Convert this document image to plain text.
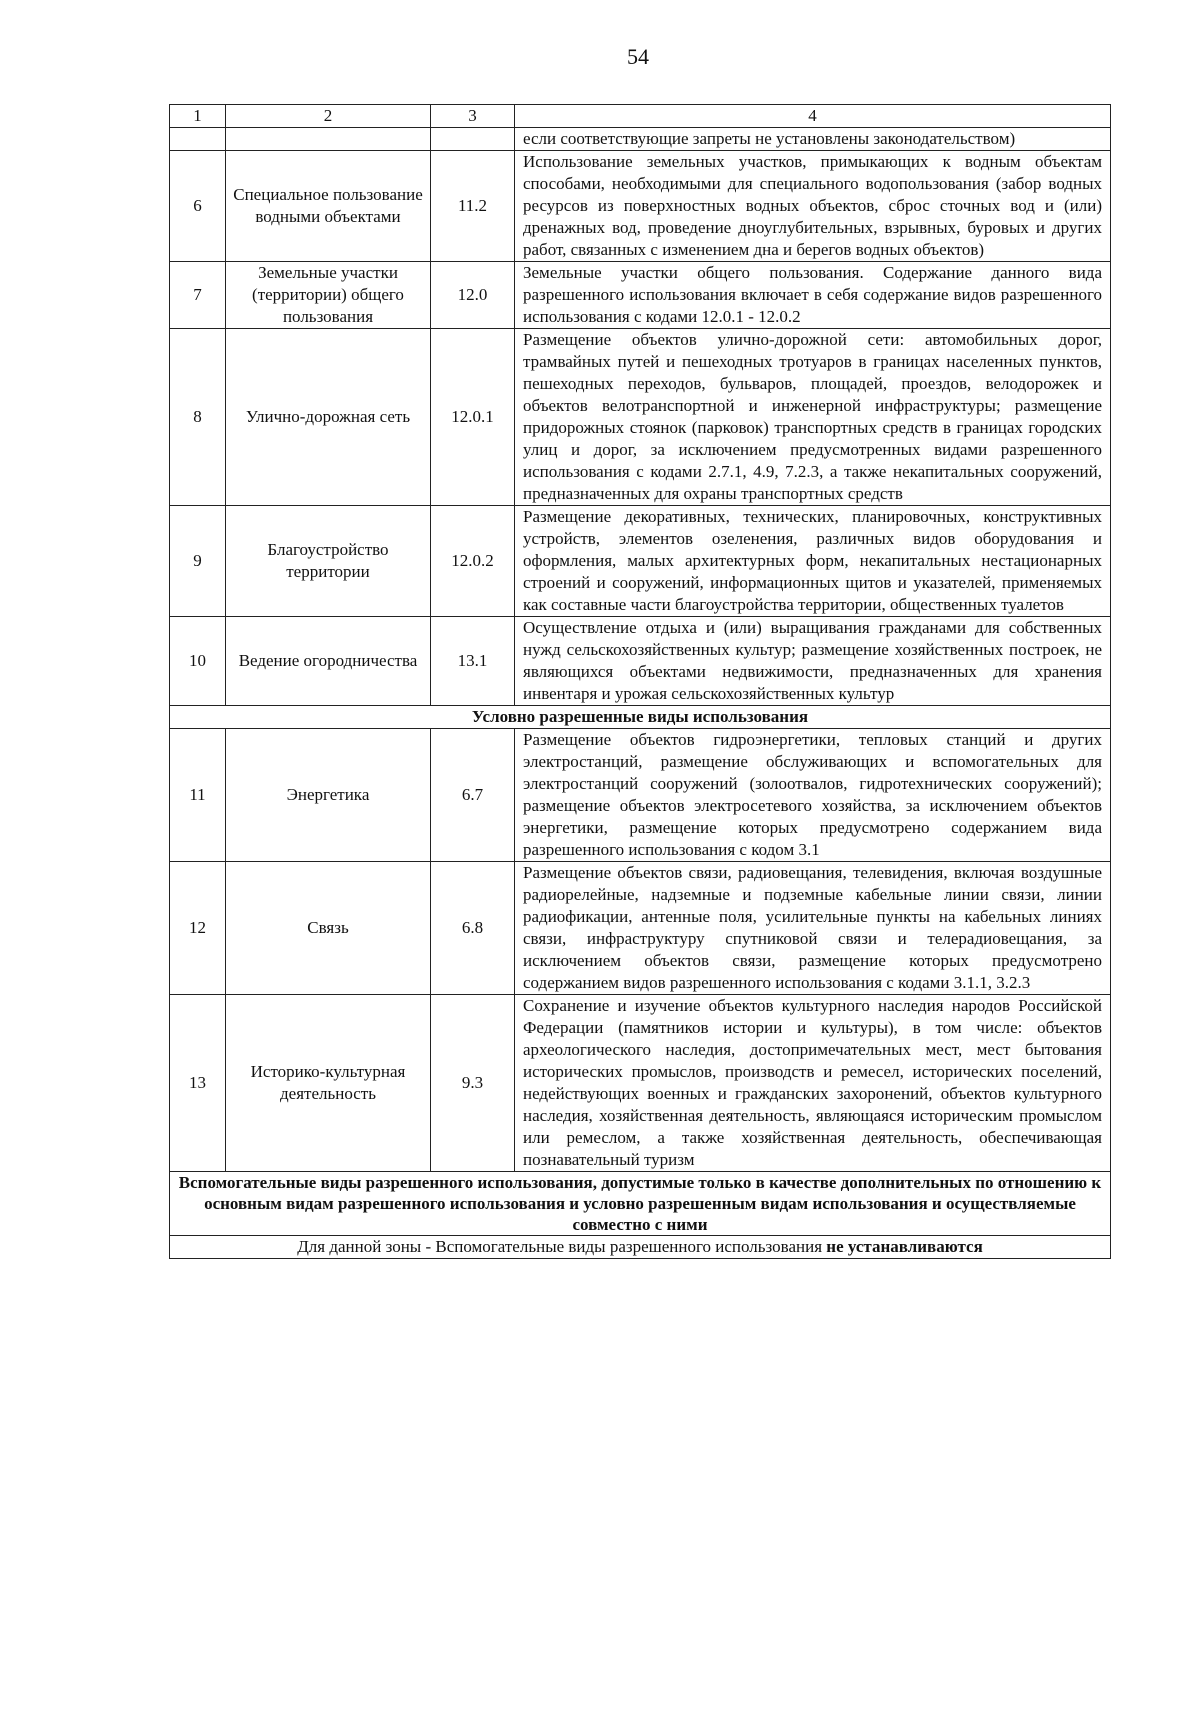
54
1	2	3	4
			если соответствующие запреты не установлены законодательством)
6	Специальное пользование водными объектами	11.2	Использование земельных участков, примыкающих к водным объектам способами, необходимыми для специального водопользования (забор водных ресурсов из поверхностных водных объектов, сброс сточных вод и (или) дренажных вод, проведение дноуглубительных, взрывных, буровых и других работ, связанных с изменением дна и берегов водных объектов)
7	Земельные участки (территории) общего пользования	12.0	Земельные участки общего пользования. Содержание данного вида разрешенного использования включает в себя содержание видов разрешенного использования с кодами 12.0.1 - 12.0.2
8	Улично-дорожная сеть	12.0.1	Размещение объектов улично-дорожной сети: автомобильных дорог, трамвайных путей и пешеходных тротуаров в границах населенных пунктов, пешеходных переходов, бульваров, площадей, проездов, велодорожек и объектов велотранспортной и инженерной инфраструктуры; размещение придорожных стоянок (парковок) транспортных средств в границах городских улиц и дорог, за исключением предусмотренных видами разрешенного использования с кодами 2.7.1, 4.9, 7.2.3, а также некапитальных сооружений, предназначенных для охраны транспортных средств
9	Благоустройство территории	12.0.2	Размещение декоративных, технических, планировочных, конструктивных устройств, элементов озеленения, различных видов оборудования и оформления, малых архитектурных форм, некапитальных нестационарных строений и сооружений, информационных щитов и указателей, применяемых как составные части благоустройства территории, общественных туалетов
10	Ведение огородничества	13.1	Осуществление отдыха и (или) выращивания гражданами для собственных нужд сельскохозяйственных культур; размещение хозяйственных построек, не являющихся объектами недвижимости, предназначенных для хранения инвентаря и урожая сельскохозяйственных культур
Условно разрешенные виды использования			
11	Энергетика	6.7	Размещение объектов гидроэнергетики, тепловых станций и других электростанций, размещение обслуживающих и вспомогательных для электростанций сооружений (золоотвалов, гидротехнических сооружений); размещение объектов электросетевого хозяйства, за исключением объектов энергетики, размещение которых предусмотрено содержанием вида разрешенного использования с кодом 3.1
12	Связь	6.8	Размещение объектов связи, радиовещания, телевидения, включая воздушные радиорелейные, надземные и подземные кабельные линии связи, линии радиофикации, антенные поля, усилительные пункты на кабельных линиях связи, инфраструктуру спутниковой связи и телерадиовещания, за исключением объектов связи, размещение которых предусмотрено содержанием видов разрешенного использования с кодами 3.1.1, 3.2.3
13	Историко-культурная деятельность	9.3	Сохранение и изучение объектов культурного наследия народов Российской Федерации (памятников истории и культуры), в том числе: объектов археологического наследия, достопримечательных мест, мест бытования исторических промыслов, производств и ремесел, исторических поселений, недействующих военных и гражданских захоронений, объектов культурного наследия, хозяйственная деятельность, являющаяся историческим промыслом или ремеслом, а также хозяйственная деятельность, обеспечивающая познавательный туризм
Вспомогательные виды разрешенного использования, допустимые только в качестве дополнительных по отношению к основным видам разрешенного использования и условно разрешенным видам использования и осуществляемые совместно с ними			
Для данной зоны - Вспомогательные виды разрешенного использования не устанавливаются			
